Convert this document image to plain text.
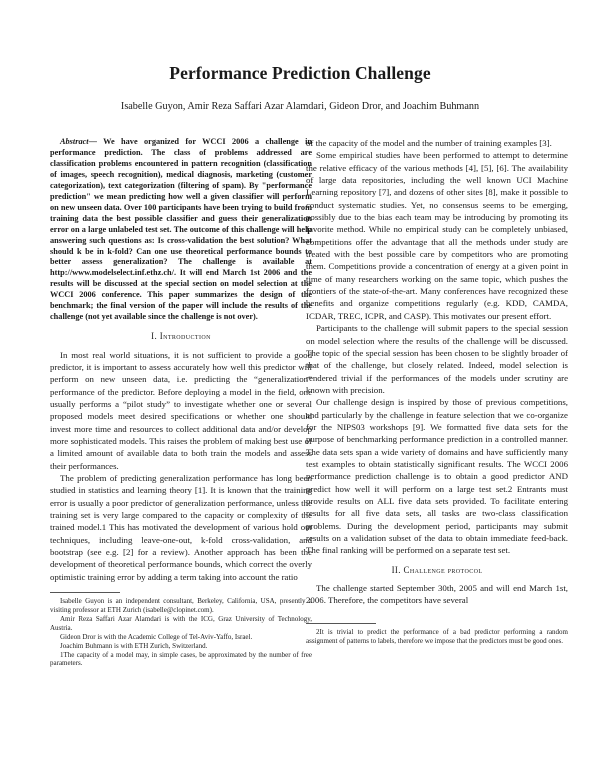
Performance Prediction Challenge
Isabelle Guyon, Amir Reza Saffari Azar Alamdari, Gideon Dror, and Joachim Buhmann

Abstract— We have organized for WCCI 2006 a challenge in performance prediction. The class of problems addressed are classification problems encountered in pattern recognition (classification of images, speech recognition), medical diagnosis, marketing (customer categorization), text categorization (filtering of spam). By "performance prediction" we mean predicting how well a given classifier will perform on new unseen data. Over 100 participants have been trying to build from training data the best possible classifier and guess their generalization error on a large unlabeled test set. The outcome of this challenge will help answering such questions as: Is cross-validation the best solution? What should k be in k-fold? Can one use theoretical performance bounds to better assess generalization? The challenge is available at http://www.modelselect.inf.ethz.ch/. It will end March 1st 2006 and the results will be discussed at the special section on model selection at the WCCI 2006 conference. This paper summarizes the design of the benchmark; the final version of the paper will include the results of the challenge (not yet available since the challenge is not over).

I. Introduction

In most real world situations, it is not sufficient to provide a good predictor, it is important to assess accurately how well this predictor will perform on new unseen data, i.e. predicting the “generalization” performance of the predictor. Before deploying a model in the field, one usually performs a “pilot study” to investigate whether one or several proposed models meet desired specifications or whether one should invest more time and resources to collect additional data and/or develop more sophisticated models. This raises the problem of making best use of a limited amount of available data to both train the models and assess their performances.

The problem of predicting generalization performance has long been studied in statistics and learning theory [1]. It is known that the training error is usually a poor predictor of generalization performance, unless the training set is very large compared to the capacity or complexity of the trained model.1 This has motivated the development of various hold out techniques, including leave-one-out, k-fold cross-validation, and bootstrap (see e.g. [2] for a review). Another approach has been the development of theoretical performance bounds, which correct the overly optimistic training error by adding a term taking into account the ratio

Isabelle Guyon is an independent consultant, Berkeley, California, USA, presently a visiting professor at ETH Zurich (isabelle@clopinet.com).

Amir Reza Saffari Azar Alamdari is with the ICG, Graz University of Technology, Austria.

Gideon Dror is with the Academic College of Tel-Aviv-Yaffo, Israel.

Joachim Buhmann is with ETH Zurich, Switzerland.

1The capacity of a model may, in simple cases, be approximated by the number of free parameters.

of the capacity of the model and the number of training examples [3].

Some empirical studies have been performed to attempt to determine the relative efficacy of the various methods [4], [5], [6]. The availability of large data repositories, including the well known UCI Machine Learning repository [7], and dozens of other sites [8], make it possible to conduct systematic studies. Yet, no consensus seems to be emerging, possibly due to the bias each team may be introducing by promoting its favorite method. While no empirical study can be completely unbiased, competitions offer the advantage that all the methods under study are treated with the best possible care by competitors who are promoting them. Competitions provide a concentration of energy at a given point in time of many researchers working on the same topic, which pushes the frontiers of the state-of-the-art. Many conferences have recognized these benefits and organize competitions regularly (e.g. KDD, CAMDA, ICDAR, TREC, ICPR, and CASP). This motivates our present effort.

Participants to the challenge will submit papers to the special session on model selection where the results of the challenge will be discussed. The topic of the special session has been chosen to be slightly broader of that of the challenge, but closely related. Indeed, model selection is rendered trivial if the performances of the models under scrutiny are known with precision.

Our challenge design is inspired by those of previous competitions, and particularly by the challenge in feature selection that we co-organize for the NIPS03 workshops [9]. We formatted five data sets for the purpose of benchmarking performance prediction in a controlled manner. The data sets span a wide variety of domains and have sufficiently many test examples to obtain statistically significant results. The WCCI 2006 performance prediction challenge is to obtain a good predictor AND predict how well it will perform on a large test set.2 Entrants must provide results on ALL five data sets provided. To facilitate entering results for all five data sets, all tasks are two-class classification problems. During the development period, participants may submit results on a validation subset of the data to obtain immediate feed-back. The final ranking will be performed on a separate test set.

II. Challenge protocol

The challenge started September 30th, 2005 and will end March 1st, 2006. Therefore, the competitors have several

2It is trivial to predict the performance of a bad predictor performing a random assignment of patterns to labels, therefore we impose that the predictors must be good ones.
